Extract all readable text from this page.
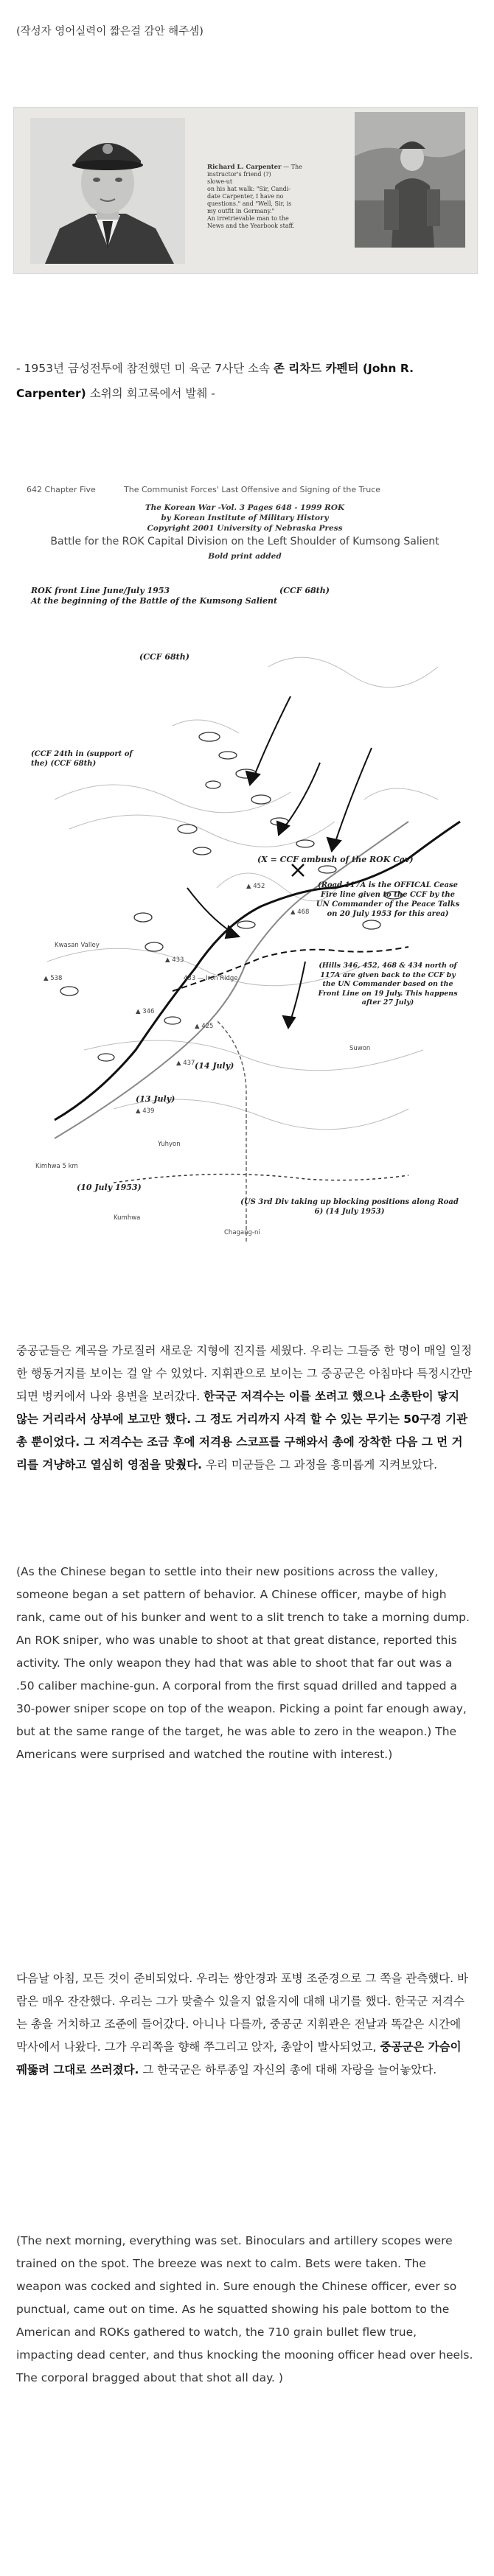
(작성자 영어실력이 짧은걸 감안 해주셈)
Richard L. Carpenter — The
instructor's friend (?)
slowe-ut
on his hat walk: "Sir, Candi-
date Carpenter, I have no
questions." and "Well, Sir, is
my outfit in Germany."
An irretrievable man to the
News and the Yearbook staff.
- 1953년 금성전투에 참전했던 미 육군 7사단 소속 존 리차드 카펜터 (John R. Carpenter) 소위의 회고록에서 발췌 -
642 Chapter Five	The Communist Forces' Last Offensive and Signing of the Truce
The Korean War -Vol. 3 Pages 648 - 1999 ROK
by Korean Institute of Military History
Copyright 2001 University of Nebraska Press
Battle for the ROK Capital Division on the Left Shoulder of Kumsong Salient
Bold print added
ROK front Line June/July 1953
At the beginning of the Battle of the Kumsong Salient
(CCF 68th)
(CCF 68th)
(CCF 24th in (support of the) (CCF 68th)
(X = CCF ambush of the ROK Cav)
(Road 117A is the OFFICAL Cease Fire line given to the CCF by the UN Commander of the Peace Talks on 20 July 1953 for this area)
(Hills 346, 452, 468 & 434 north of 117A are given back to the CCF by the UN Commander based on the Front Line on 19 July. This happens after 27 July)
(US 3rd Div taking up blocking positions along Road 6) (14 July 1953)
(10 July 1953)
(13 July)
(14 July)
433 — Iron Ridge
Kimhwa 5 km
Chagang-ni
▲ 538
▲ 346
▲ 433
▲ 425
▲ 437
▲ 439
▲ 452
▲ 468
Kwasan Valley
Yuhyon
Suwon
Kumhwa
중공군들은 계곡을 가로질러 새로운 지형에 진지를 세웠다. 우리는 그들중 한 명이 매일 일정한 행동거지를 보이는 걸 알 수 있었다. 지휘관으로 보이는 그 중공군은 아침마다 특정시간만 되면 벙커에서 나와 용변을 보러갔다. 한국군 저격수는 이를 쏘려고 했으나 소총탄이 닿지 않는 거리라서 상부에 보고만 했다. 그 정도 거리까지 사격 할 수 있는 무기는 50구경 기관총 뿐이었다. 그 저격수는 조금 후에 저격용 스코프를 구해와서 총에 장착한 다음 그 먼 거리를 겨냥하고 열심히 영점을 맞췄다. 우리 미군들은 그 과정을 흥미롭게 지켜보았다.
(As the Chinese began to settle into their new positions across the valley, someone began a set pattern of behavior. A Chinese officer, maybe of high rank, came out of his bunker and went to a slit trench to take a morning dump. An ROK sniper, who was unable to shoot at that great distance, reported this activity. The only weapon they had that was able to shoot that far out was a .50 caliber machine-gun. A corporal from the first squad drilled and tapped a 30-power sniper scope on top of the weapon. Picking a point far enough away, but at the same range of the target, he was able to zero in the weapon.) The Americans were surprised and watched the routine with interest.)
다음날 아침, 모든 것이 준비되었다. 우리는 쌍안경과 포병 조준경으로 그 쪽을 관측했다. 바람은 매우 잔잔했다. 우리는 그가 맞출수 있을지 없을지에 대해 내기를 했다. 한국군 저격수는 총을 거치하고 조준에 들어갔다. 아니나 다를까, 중공군 지휘관은 전날과 똑같은 시간에 막사에서 나왔다. 그가 우리쪽을 향해 쭈그리고 앉자, 총알이 발사되었고, 중공군은 가슴이 꿰뚫려 그대로 쓰러졌다. 그 한국군은 하루종일 자신의 총에 대해 자랑을 늘어놓았다.
(The next morning, everything was set. Binoculars and artillery scopes were trained on the spot. The breeze was next to calm. Bets were taken. The weapon was cocked and sighted in. Sure enough the Chinese officer, ever so punctual, came out on time. As he squatted showing his pale bottom to the American and ROKs gathered to watch, the 710 grain bullet flew true, impacting dead center, and thus knocking the mooning officer head over heels. The corporal bragged about that shot all day. )
